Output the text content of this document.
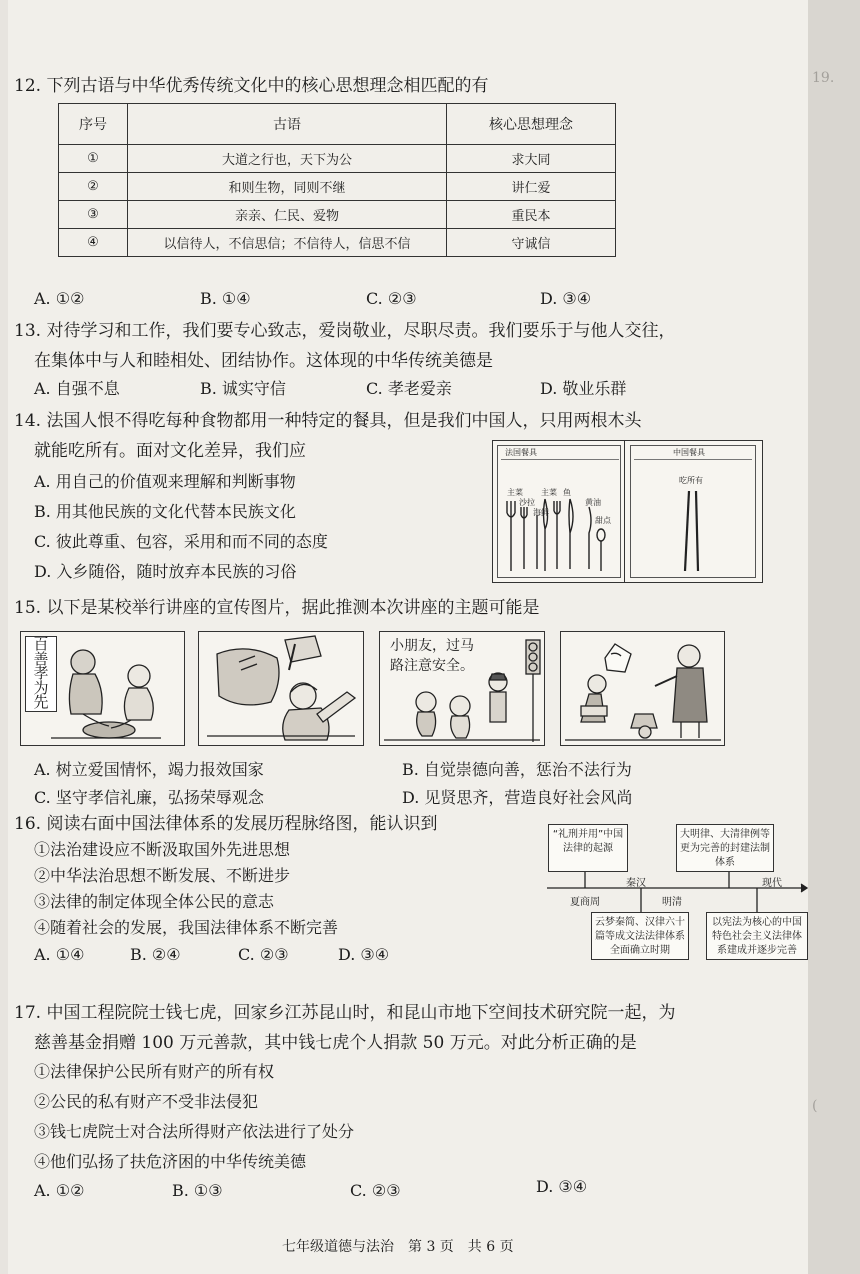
19.
(
12. 下列古语与中华优秀传统文化中的核心思想理念相匹配的有
序号	古语	核心思想理念
①	大道之行也，天下为公	求大同
②	和则生物，同则不继	讲仁爱
③	亲亲、仁民、爱物	重民本
④	以信待人，不信思信；不信待人，信思不信	守诚信
A. ①②	B. ①④	C. ②③	D. ③④
13. 对待学习和工作，我们要专心致志，爱岗敬业，尽职尽责。我们要乐于与他人交往，
在集体中与人和睦相处、团结协作。这体现的中华传统美德是
A. 自强不息	B. 诚实守信	C. 孝老爱亲	D. 敬业乐群
14. 法国人恨不得吃每种食物都用一种特定的餐具，但是我们中国人，只用两根木头
就能吃所有。面对文化差异，我们应
A. 用自己的价值观来理解和判断事物
B. 用其他民族的文化代替本民族文化
C. 彼此尊重、包容，采用和而不同的态度
D. 入乡随俗，随时放弃本民族的习俗
法国餐具	中国餐具
主菜
沙拉
主菜 鱼
海鲜
黄油
甜点
吃所有
15. 以下是某校举行讲座的宣传图片，据此推测本次讲座的主题可能是
百
善
孝
为
先
小朋友，过马
路注意安全。
A. 树立爱国情怀，竭力报效国家	B. 自觉崇德向善，惩治不法行为
C. 坚守孝信礼廉，弘扬荣辱观念	D. 见贤思齐，营造良好社会风尚
16. 阅读右面中国法律体系的发展历程脉络图，能认识到
①法治建设应不断汲取国外先进思想
②中华法治思想不断发展、不断进步
③法律的制定体现全体公民的意志
④随着社会的发展，我国法律体系不断完善
A. ①④	B. ②④	C. ②③	D. ③④
“礼刑并用”中国法律的起源
大明律、大清律例等更为完善的封建法制体系
云梦秦简、汉律六十篇等成文法法律体系全面确立时期
以宪法为核心的中国特色社会主义法律体系建成并逐步完善
夏商周
秦汉
明清
现代
17. 中国工程院院士钱七虎，回家乡江苏昆山时，和昆山市地下空间技术研究院一起，为
慈善基金捐赠 100 万元善款，其中钱七虎个人捐款 50 万元。对此分析正确的是
①法律保护公民所有财产的所有权
②公民的私有财产不受非法侵犯
③钱七虎院士对合法所得财产依法进行了处分
④他们弘扬了扶危济困的中华传统美德
A. ①②	B. ①③	C. ②③	D. ③④
七年级道德与法治　第 3 页　共 6 页
